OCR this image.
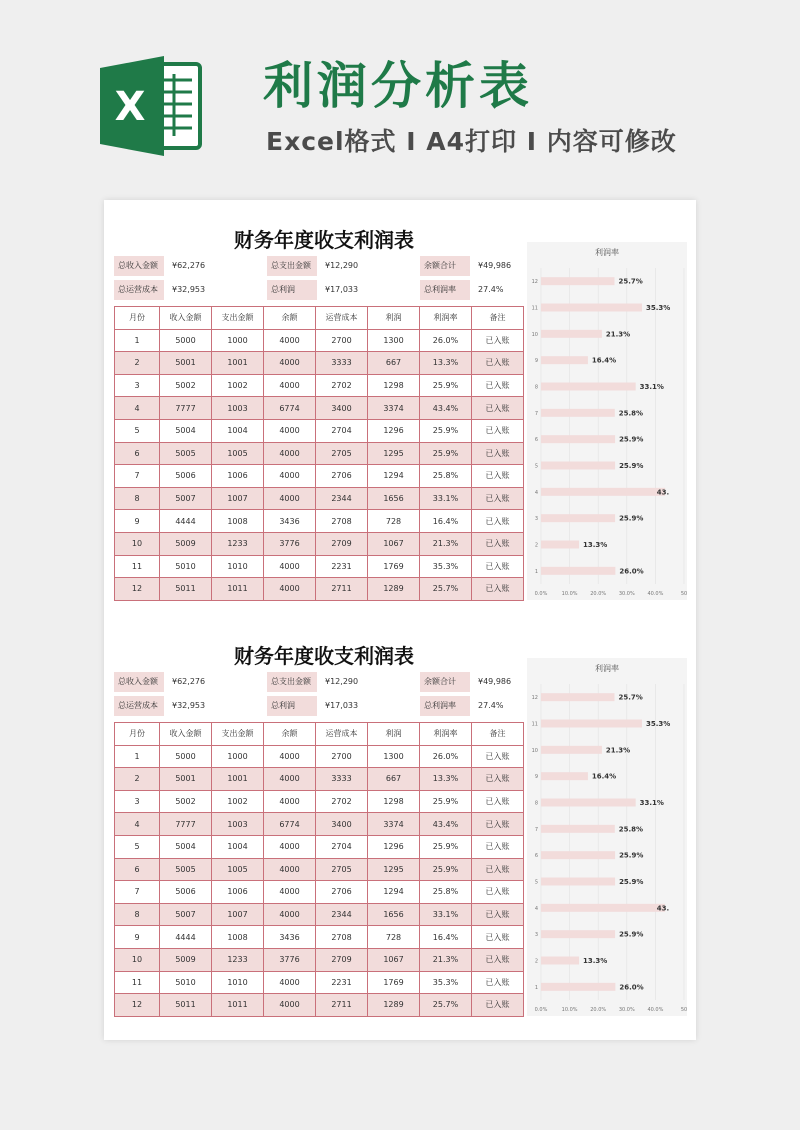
X 利润分析表
Excel格式 I A4打印 I 内容可修改
财务年度收支利润表
总收入金额	¥62,276	总支出金额	¥12,290	余额合计	¥49,986
总运营成本	¥32,953	总利润	¥17,033	总利润率	27.4%
月份	收入金额	支出金额	余额	运营成本	利润	利润率	备注
1	5000	1000	4000	2700	1300	26.0%	已入账
2	5001	1001	4000	3333	667	13.3%	已入账
3	5002	1002	4000	2702	1298	25.9%	已入账
4	7777	1003	6774	3400	3374	43.4%	已入账
5	5004	1004	4000	2704	1296	25.9%	已入账
6	5005	1005	4000	2705	1295	25.9%	已入账
7	5006	1006	4000	2706	1294	25.8%	已入账
8	5007	1007	4000	2344	1656	33.1%	已入账
9	4444	1008	3436	2708	728	16.4%	已入账
10	5009	1233	3776	2709	1067	21.3%	已入账
11	5010	1010	4000	2231	1769	35.3%	已入账
12	5011	1011	4000	2711	1289	25.7%	已入账
利润率
0.0%	10.0%	20.0%	30.0%	40.0%	50
12	25.7%
11	35.3%
10	21.3%
9	16.4%
8	33.1%
7	25.8%
6	25.9%
5	25.9%
4	43.
3	25.9%
2	13.3%
1	26.0%
财务年度收支利润表
总收入金额	¥62,276	总支出金额	¥12,290	余额合计	¥49,986
总运营成本	¥32,953	总利润	¥17,033	总利润率	27.4%
月份	收入金额	支出金额	余额	运营成本	利润	利润率	备注
1	5000	1000	4000	2700	1300	26.0%	已入账
2	5001	1001	4000	3333	667	13.3%	已入账
3	5002	1002	4000	2702	1298	25.9%	已入账
4	7777	1003	6774	3400	3374	43.4%	已入账
5	5004	1004	4000	2704	1296	25.9%	已入账
6	5005	1005	4000	2705	1295	25.9%	已入账
7	5006	1006	4000	2706	1294	25.8%	已入账
8	5007	1007	4000	2344	1656	33.1%	已入账
9	4444	1008	3436	2708	728	16.4%	已入账
10	5009	1233	3776	2709	1067	21.3%	已入账
11	5010	1010	4000	2231	1769	35.3%	已入账
12	5011	1011	4000	2711	1289	25.7%	已入账
利润率
0.0%	10.0%	20.0%	30.0%	40.0%	50
12	25.7%
11	35.3%
10	21.3%
9	16.4%
8	33.1%
7	25.8%
6	25.9%
5	25.9%
4	43.
3	25.9%
2	13.3%
1	26.0%
